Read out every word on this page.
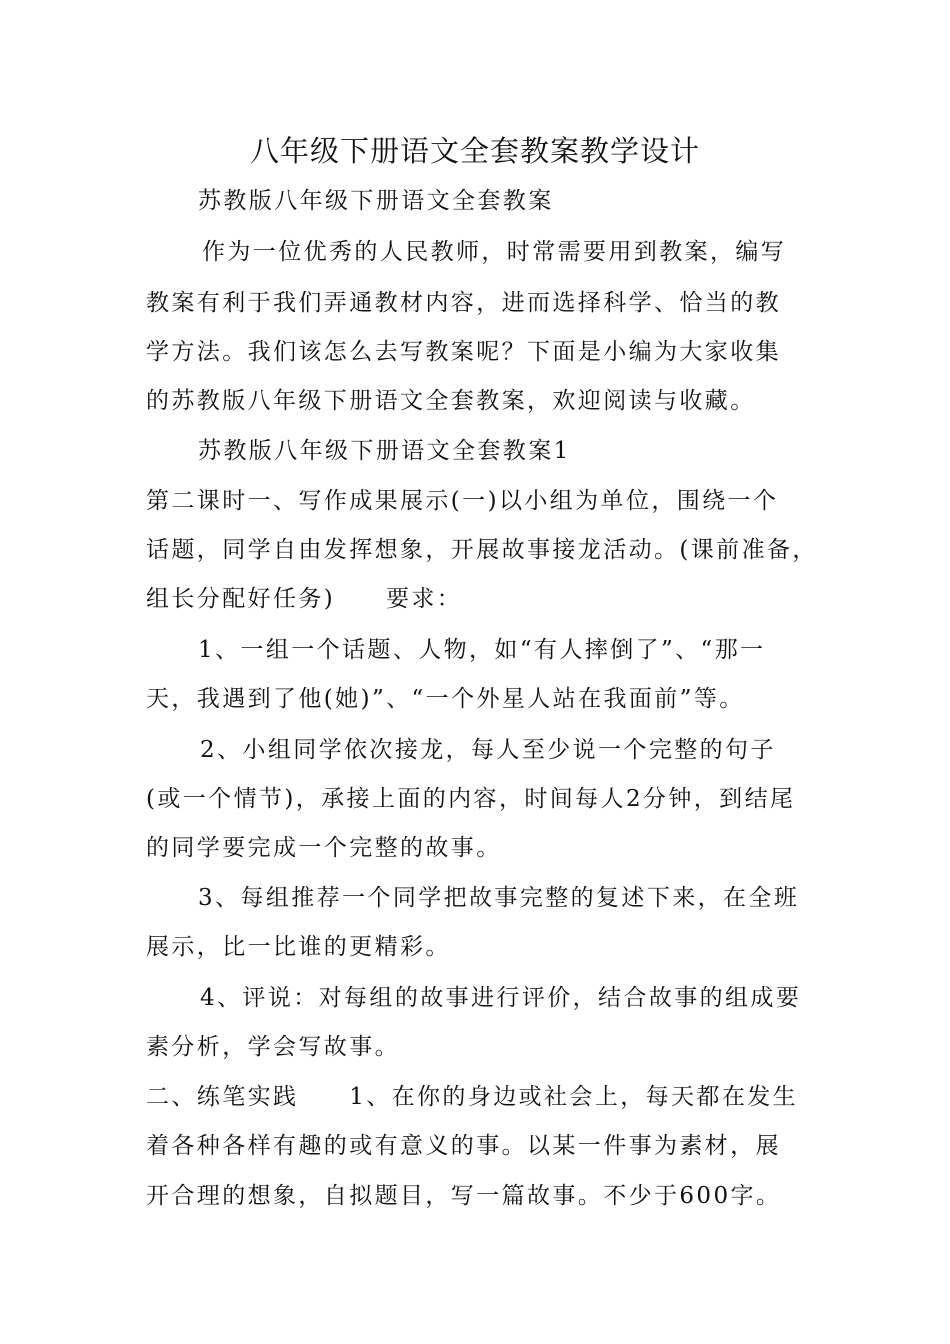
八年级下册语文全套教案教学设计
苏教版八年级下册语文全套教案
作为一位优秀的人民教师，时常需要用到教案，编写
教案有利于我们弄通教材内容，进而选择科学、恰当的教
学方法。我们该怎么去写教案呢？下面是小编为大家收集
的苏教版八年级下册语文全套教案，欢迎阅读与收藏。
苏教版八年级下册语文全套教案1
第二课时一、写作成果展示(一)以小组为单位，围绕一个
话题，同学自由发挥想象，开展故事接龙活动。(课前准备，
组长分配好任务)　　要求：
1、一组一个话题、人物，如“有人摔倒了”、“那一
天，我遇到了他(她)”、“一个外星人站在我面前”等。
2、小组同学依次接龙，每人至少说一个完整的句子
(或一个情节)，承接上面的内容，时间每人2分钟，到结尾
的同学要完成一个完整的故事。
3、每组推荐一个同学把故事完整的复述下来，在全班
展示，比一比谁的更精彩。
4、评说：对每组的故事进行评价，结合故事的组成要
素分析，学会写故事。
二、练笔实践　　1、在你的身边或社会上，每天都在发生
着各种各样有趣的或有意义的事。以某一件事为素材，展
开合理的想象，自拟题目，写一篇故事。不少于600字。
